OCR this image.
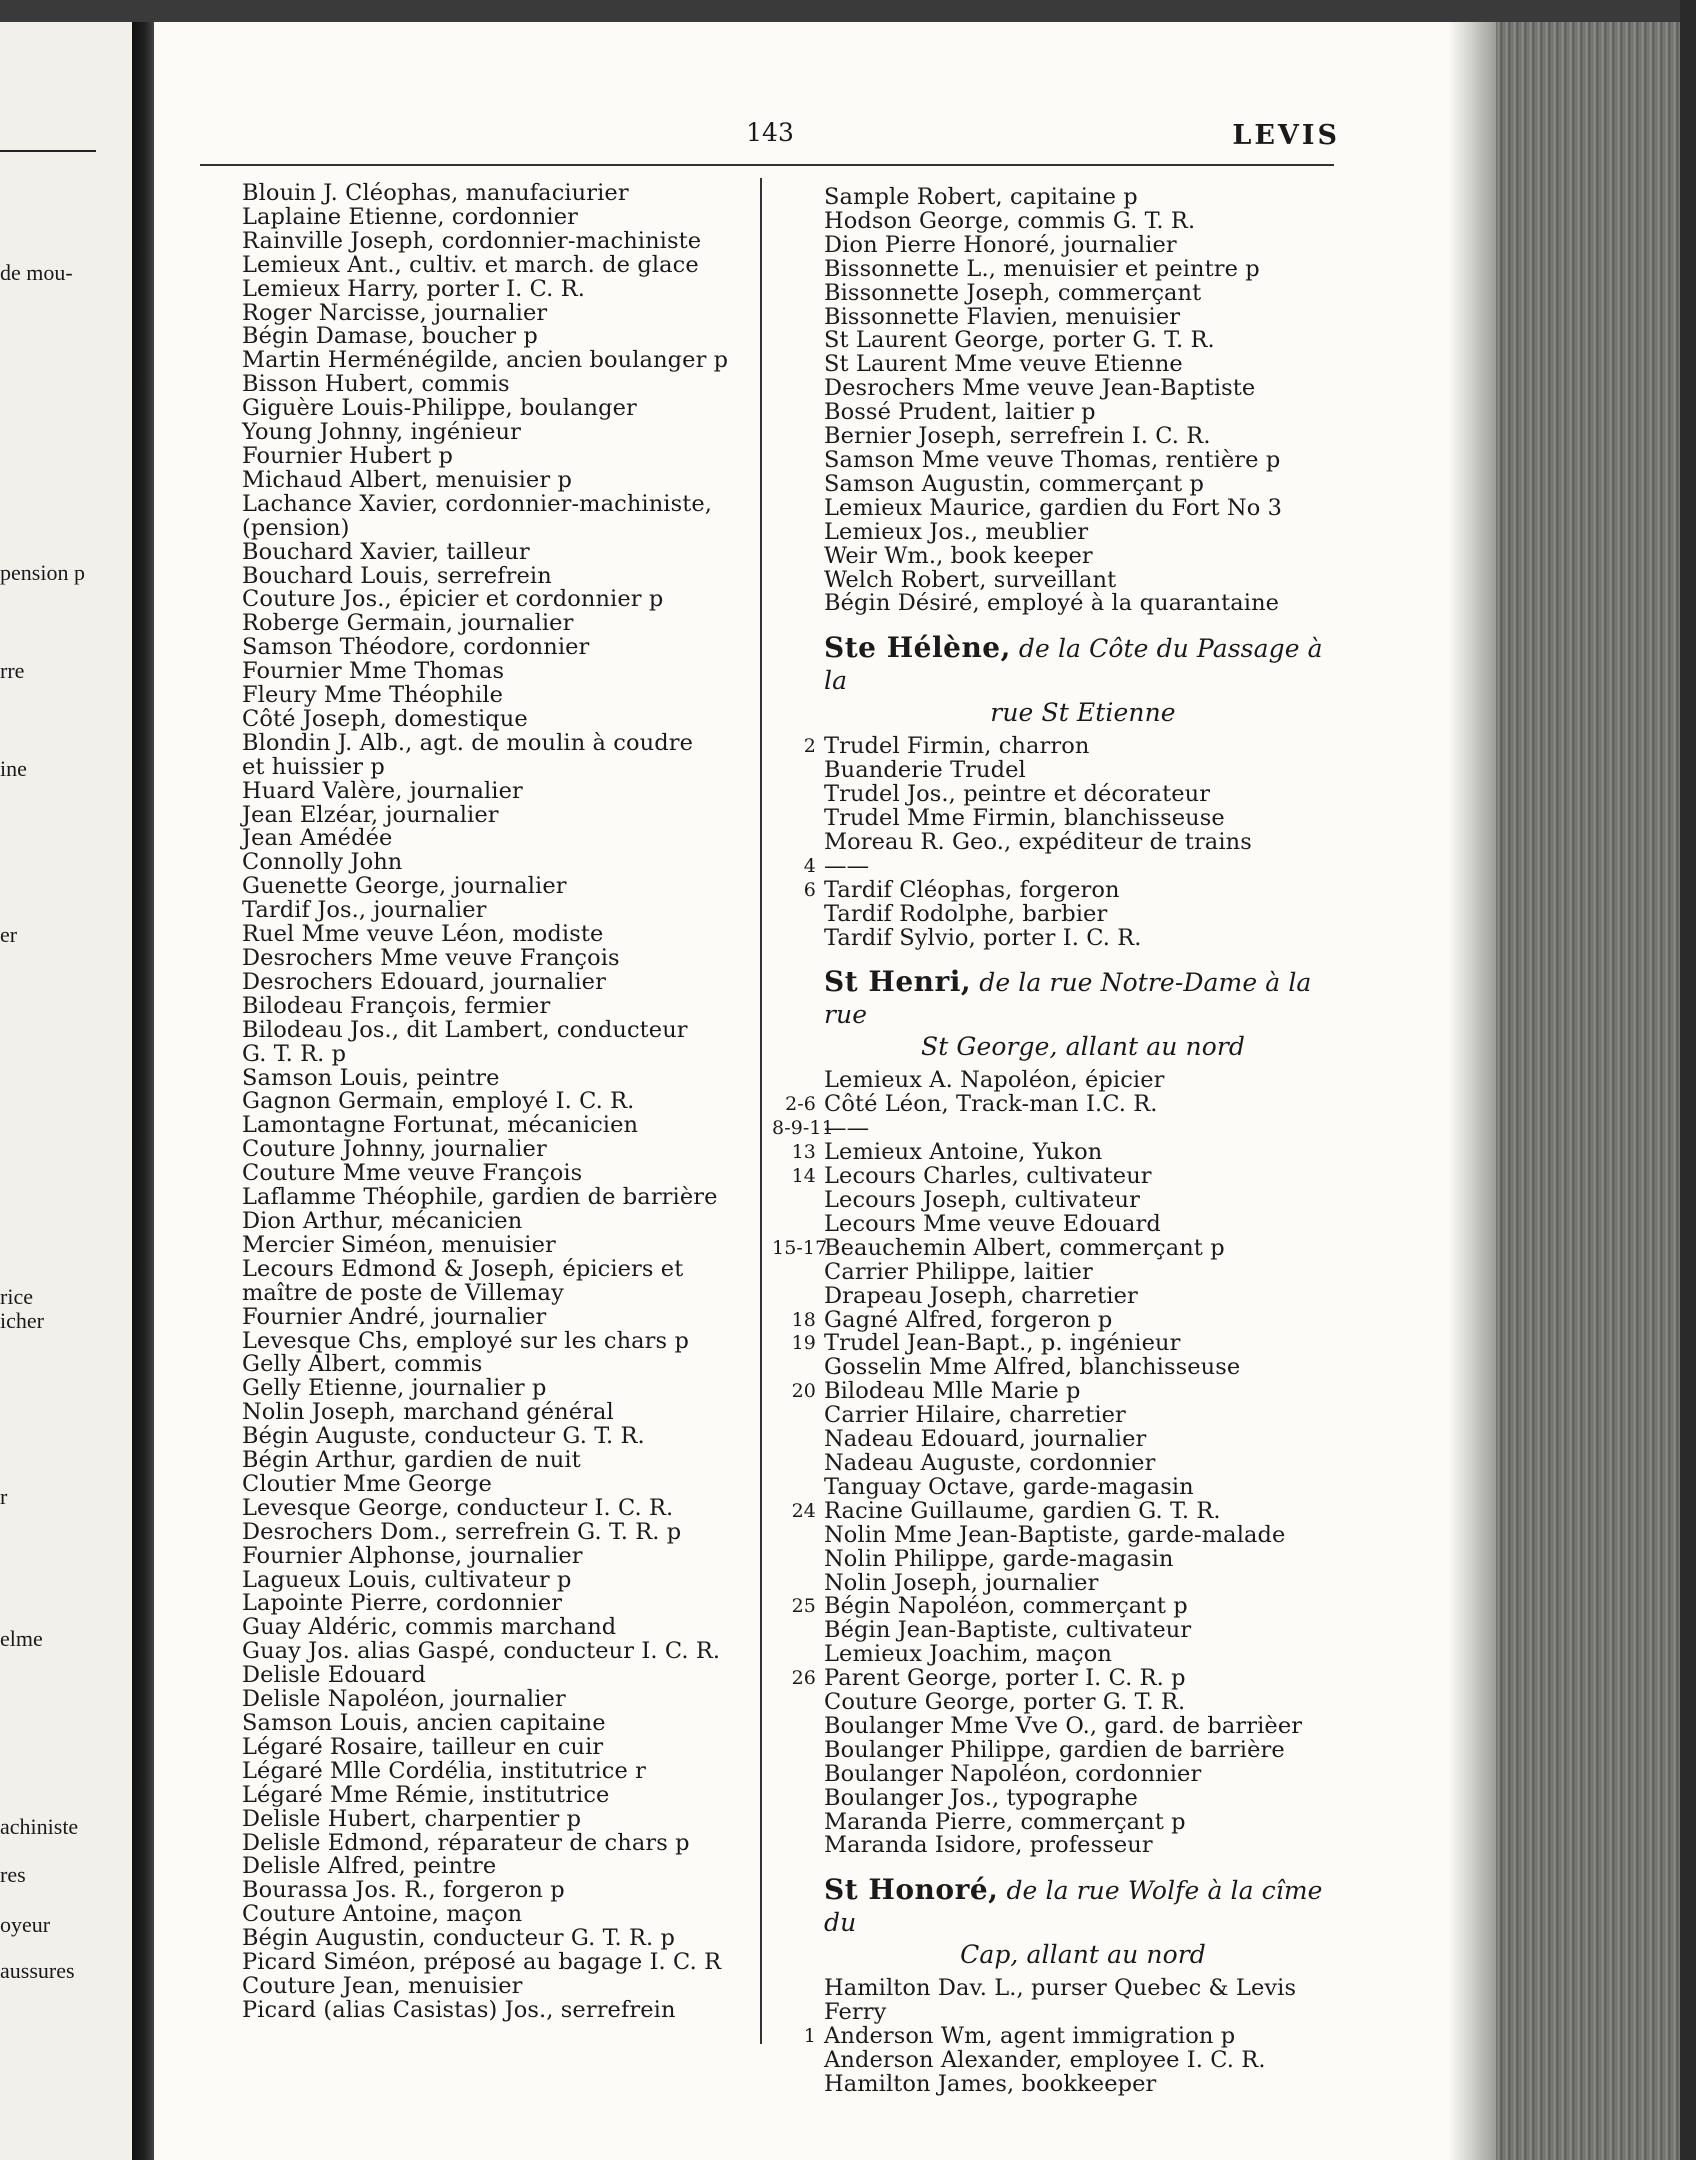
de mou-
pension p
rre
ine
er
rice
icher
r
elme
achiniste
res
oyeur
aussures
143	LEVIS
Blouin J. Cléophas, manufaciurier
Laplaine Etienne, cordonnier
Rainville Joseph, cordonnier-machiniste
Lemieux Ant., cultiv. et march. de glace
Lemieux Harry, porter I. C. R.
Roger Narcisse, journalier
Bégin Damase, boucher p
Martin Herménégilde, ancien boulanger p
Bisson Hubert, commis
Giguère Louis-Philippe, boulanger
Young Johnny, ingénieur
Fournier Hubert p
Michaud Albert, menuisier p
Lachance Xavier, cordonnier-machiniste,
(pension)
Bouchard Xavier, tailleur
Bouchard Louis, serrefrein
Couture Jos., épicier et cordonnier p
Roberge Germain, journalier
Samson Théodore, cordonnier
Fournier Mme Thomas
Fleury Mme Théophile
Côté Joseph, domestique
Blondin J. Alb., agt. de moulin à coudre
et huissier p
Huard Valère, journalier
Jean Elzéar, journalier
Jean Amédée
Connolly John
Guenette George, journalier
Tardif Jos., journalier
Ruel Mme veuve Léon, modiste
Desrochers Mme veuve François
Desrochers Edouard, journalier
Bilodeau François, fermier
Bilodeau Jos., dit Lambert, conducteur
G. T. R. p
Samson Louis, peintre
Gagnon Germain, employé I. C. R.
Lamontagne Fortunat, mécanicien
Couture Johnny, journalier
Couture Mme veuve François
Laflamme Théophile, gardien de barrière
Dion Arthur, mécanicien
Mercier Siméon, menuisier
Lecours Edmond & Joseph, épiciers et
maître de poste de Villemay
Fournier André, journalier
Levesque Chs, employé sur les chars p
Gelly Albert, commis
Gelly Etienne, journalier p
Nolin Joseph, marchand général
Bégin Auguste, conducteur G. T. R.
Bégin Arthur, gardien de nuit
Cloutier Mme George
Levesque George, conducteur I. C. R.
Desrochers Dom., serrefrein G. T. R. p
Fournier Alphonse, journalier
Lagueux Louis, cultivateur p
Lapointe Pierre, cordonnier
Guay Aldéric, commis marchand
Guay Jos. alias Gaspé, conducteur I. C. R.
Delisle Edouard
Delisle Napoléon, journalier
Samson Louis, ancien capitaine
Légaré Rosaire, tailleur en cuir
Légaré Mlle Cordélia, institutrice r
Légaré Mme Rémie, institutrice
Delisle Hubert, charpentier p
Delisle Edmond, réparateur de chars p
Delisle Alfred, peintre
Bourassa Jos. R., forgeron p
Couture Antoine, maçon
Bégin Augustin, conducteur G. T. R. p
Picard Siméon, préposé au bagage I. C. R
Couture Jean, menuisier
Picard (alias Casistas) Jos., serrefrein
Sample Robert, capitaine p
Hodson George, commis G. T. R.
Dion Pierre Honoré, journalier
Bissonnette L., menuisier et peintre p
Bissonnette Joseph, commerçant
Bissonnette Flavien, menuisier
St Laurent George, porter G. T. R.
St Laurent Mme veuve Etienne
Desrochers Mme veuve Jean-Baptiste
Bossé Prudent, laitier p
Bernier Joseph, serrefrein I. C. R.
Samson Mme veuve Thomas, rentière p
Samson Augustin, commerçant p
Lemieux Maurice, gardien du Fort No 3
Lemieux Jos., meublier
Weir Wm., book keeper
Welch Robert, surveillant
Bégin Désiré, employé à la quarantaine
Ste Hélène, de la Côte du Passage à la
rue St Etienne
2 Trudel Firmin, charron
Buanderie Trudel
Trudel Jos., peintre et décorateur
Trudel Mme Firmin, blanchisseuse
Moreau R. Geo., expéditeur de trains
4 ——
6 Tardif Cléophas, forgeron
Tardif Rodolphe, barbier
Tardif Sylvio, porter I. C. R.
St Henri, de la rue Notre-Dame à la rue
St George, allant au nord
Lemieux A. Napoléon, épicier
2-6 Côté Léon, Track-man I.C. R.
8-9-11
——
13 Lemieux Antoine, Yukon
14 Lecours Charles, cultivateur
Lecours Joseph, cultivateur
Lecours Mme veuve Edouard
15-17
Beauchemin Albert, commerçant p
Carrier Philippe, laitier
Drapeau Joseph, charretier
18 Gagné Alfred, forgeron p
19 Trudel Jean-Bapt., p. ingénieur
Gosselin Mme Alfred, blanchisseuse
20 Bilodeau Mlle Marie p
Carrier Hilaire, charretier
Nadeau Edouard, journalier
Nadeau Auguste, cordonnier
Tanguay Octave, garde-magasin
24 Racine Guillaume, gardien G. T. R.
Nolin Mme Jean-Baptiste, garde-malade
Nolin Philippe, garde-magasin
Nolin Joseph, journalier
25 Bégin Napoléon, commerçant p
Bégin Jean-Baptiste, cultivateur
Lemieux Joachim, maçon
26 Parent George, porter I. C. R. p
Couture George, porter G. T. R.
Boulanger Mme Vve O., gard. de barrièer
Boulanger Philippe, gardien de barrière
Boulanger Napoléon, cordonnier
Boulanger Jos., typographe
Maranda Pierre, commerçant p
Maranda Isidore, professeur
St Honoré, de la rue Wolfe à la cîme du
Cap, allant au nord
Hamilton Dav. L., purser Quebec & Levis
Ferry
1 Anderson Wm, agent immigration p
Anderson Alexander, employee I. C. R.
Hamilton James, bookkeeper
